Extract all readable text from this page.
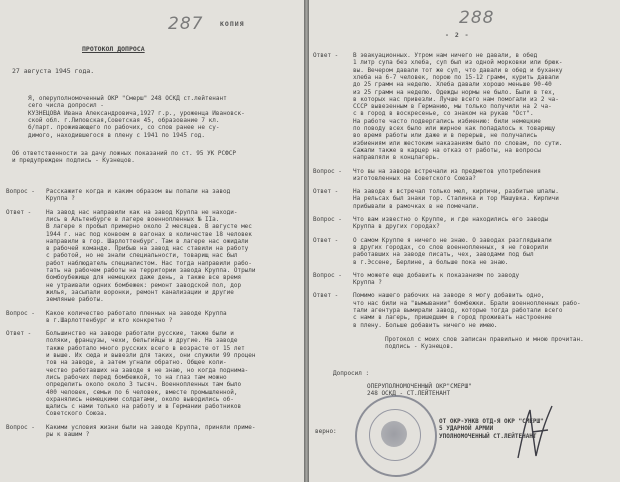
287	КОПИЯ
ПРОТОКОЛ ДОПРОСА
27 августа 1945 года.
Я, оперуполномоченный ОКР "Смерш" 248 ОСКД ст.лейтенант
сего числа допросил -
КУЗНЕЦОВА Ивана Александровича,1927 г.р., уроженца Ивановск-
ской обл. г.Липовская,Советская 45, образование 7 кл.
б/парт. проживающего по рабочих, со слов ранее не су-
димого, находившегося в плену с 1941 по 1945 год.
Об ответственности за дачу ложных показаний по ст. 95 УК РСФСР
и предупрежден подпись - Кузнецов.
Вопрос - Расскажите когда и каким образом вы попали на завод
Круппа ?
Ответ - На завод нас направили как на завод Круппа не находи-
лись в Альтенбурге в лагере военнопленных № IIа.
В лагере я пробыл примерно около 2 месяцев. В августе мес
1944 г. нас под конвоем в вагонах в количестве 18 человек
направили в гор. Шарлоттенбург. Там в лагере нас ожидали
в рабочей команде. Прибыв на завод нас ставили на работу
с работой, но не знали специальности, товарищ нас был
работ наблюдатель специалистом. Нас тогда направили рабо-
тать на рабочем работы на территории завода Круппа. Отрыли
бомбоубежище для немецких даже день, а также все время
не утраивали одних бомбежек: ремонт заводской пол, дор
жилья, засыпали воронки, ремонт канализации и другие
земляные работы.
Вопрос - Какое количество работало пленных на заводе Круппа
в г.Шарлоттенбург и кто конкретно ?
Ответ - Большинство на заводе работали русские, также были и
поляки, французы, чехи, бельгийцы и другие. На заводе
также работало много русских всего в возрасте от 15 лет
и выше. Их сюда и вывезли для таких, они служили 99 процен
тов на заводе, а затем угнали обратно. Общее коли-
чество работавших на заводе я не знаю, но когда поднима-
лись рабочих перед бомбежкой, то на глаз там можно
определить около около 3 тысяч. Военнопленных там было
400 человек, семьи по 6 человек, вместе промышленной,
охранялись немецкими солдатами, около выводились об-
щались с нами только на работу и в Германии работников
Советского Союза.
Вопрос - Какими условия жизни были на заводе Круппа, приняли приме-
ры к вашим ?
288
- 2 -
Ответ - В эвакуационных. Утром нам ничего не давали, в обед
1 литр супа без хлеба, суп был из одной морковки или брюк-
вы. Вечером давали тот же суп, что давали в обед и буханку
хлеба на 6-7 человек, порою по 15-12 грамм, курить давали
до 25 грамм на неделю. Хлеба давали хорошо меньше 90-40
из 25 грамм на неделю. Одежды нормы не было. Были в тех,
в которых нас привезли. Лучше всего нам помогали из 2 ча-
СССР вывезенным в Германию, мы только получили на 2 ча-
с в город в воскресенье, со знаком на рукав "Ост".
На работе часто подвергались избиению: били немецкие
по поводу всех было или жирное как попадалось к товарищу
во время работы или даже и в перерыв, не получались
избиениям или жестоким наказаниям было по словам, по сути.
Сажали также в карцер на отказ от работы, на вопросы
направляли в концлагерь.
Вопрос - Что вы на заводе встречали из предметов употребления
изготовленных на Советского Союза?
Ответ - На заводе я встречал только мел, кирпичи, разбитые шпалы.
На рельсах был знаки тор. Сталинка и тор Машувка. Кирпичи
прибывали в рамочках в не помечали.
Вопрос - Что вам известно о Круппе, и где находились его заводы
Круппа в других городах?
Ответ - О самом Круппе я ничего не знаю. О заводах разглядывали
в других городах, со слов военнопленных, я не говорили
работавших на заводе писать, чех, заводами под был
в г.Эссене, Берлине, а больше пока не знаю.
Вопрос - Что можете еще добавить к показаниям по заводу
Круппа ?
Ответ - Помимо нашего рабочих на заводе я могу добавить одно,
что нас били на "вымывании" бомбежки. Брали военнопленных рабо-
тали агентура вымирали завод, которые тогда работали всего
с нами в лагерь, пришедшим в город проживать настроение
в плену. Больше добавить ничего не имею.
Протокол с моих слов записан правильно и мною прочитан.
подпись - Кузнецов.
Допросил :
ОПЕРУПОЛНОМОЧЕННЫЙ ОКР"СМЕРШ"
248 ОСКД - СТ.ЛЕЙТЕНАНТ
верно:
ОТ ОКР-УНКВ ОТД-Я ОКР "СМЕРШ"
5 УДАРНОЙ АРМИИ
УПОЛНОМОЧЕННЫЙ СТ.ЛЕЙТЕНАНТ
